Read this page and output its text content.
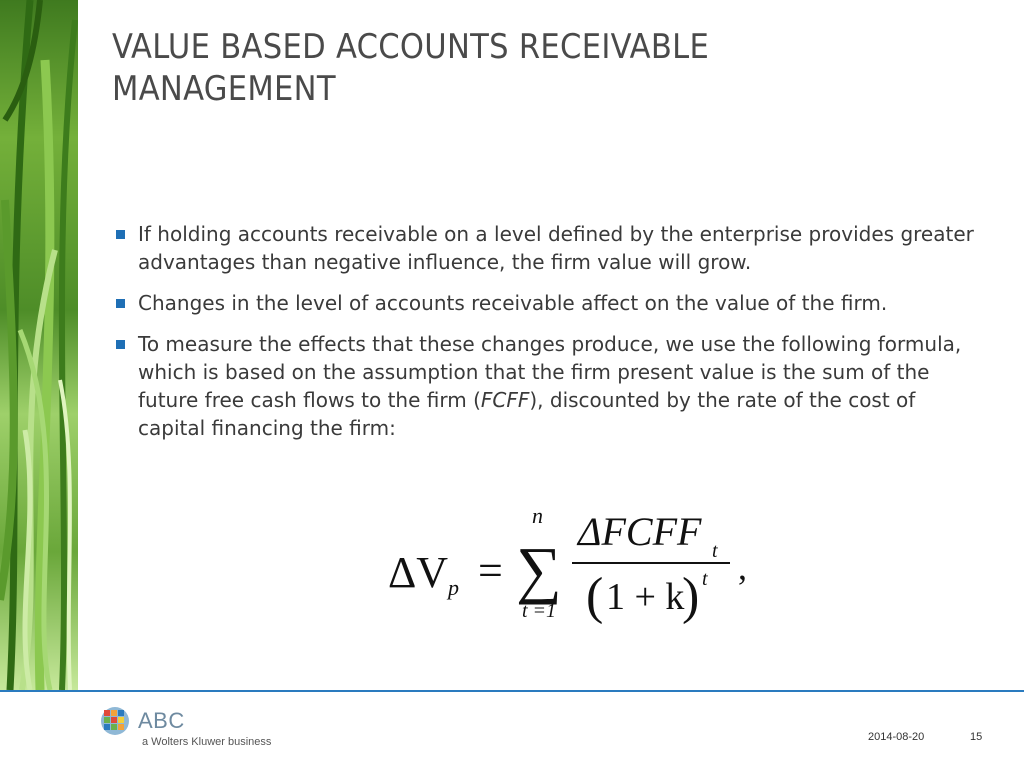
VALUE BASED ACCOUNTS RECEIVABLE
MANAGEMENT
If holding accounts receivable on a level defined by the enterprise provides greater advantages than negative influence, the firm value will grow.
Changes in the level of accounts receivable affect on the value of the firm.
To measure the effects that these changes produce, we use the following formula, which is based on the assumption that the firm present value is the sum of the future free cash flows to the firm (FCFF), discounted by the rate of the cost of capital financing the firm:
ΔV p =
n
∑
t =1
ΔFCFF t
( 1 + k
) t ,
ABC
a Wolters Kluwer business	2014-08-20	15
